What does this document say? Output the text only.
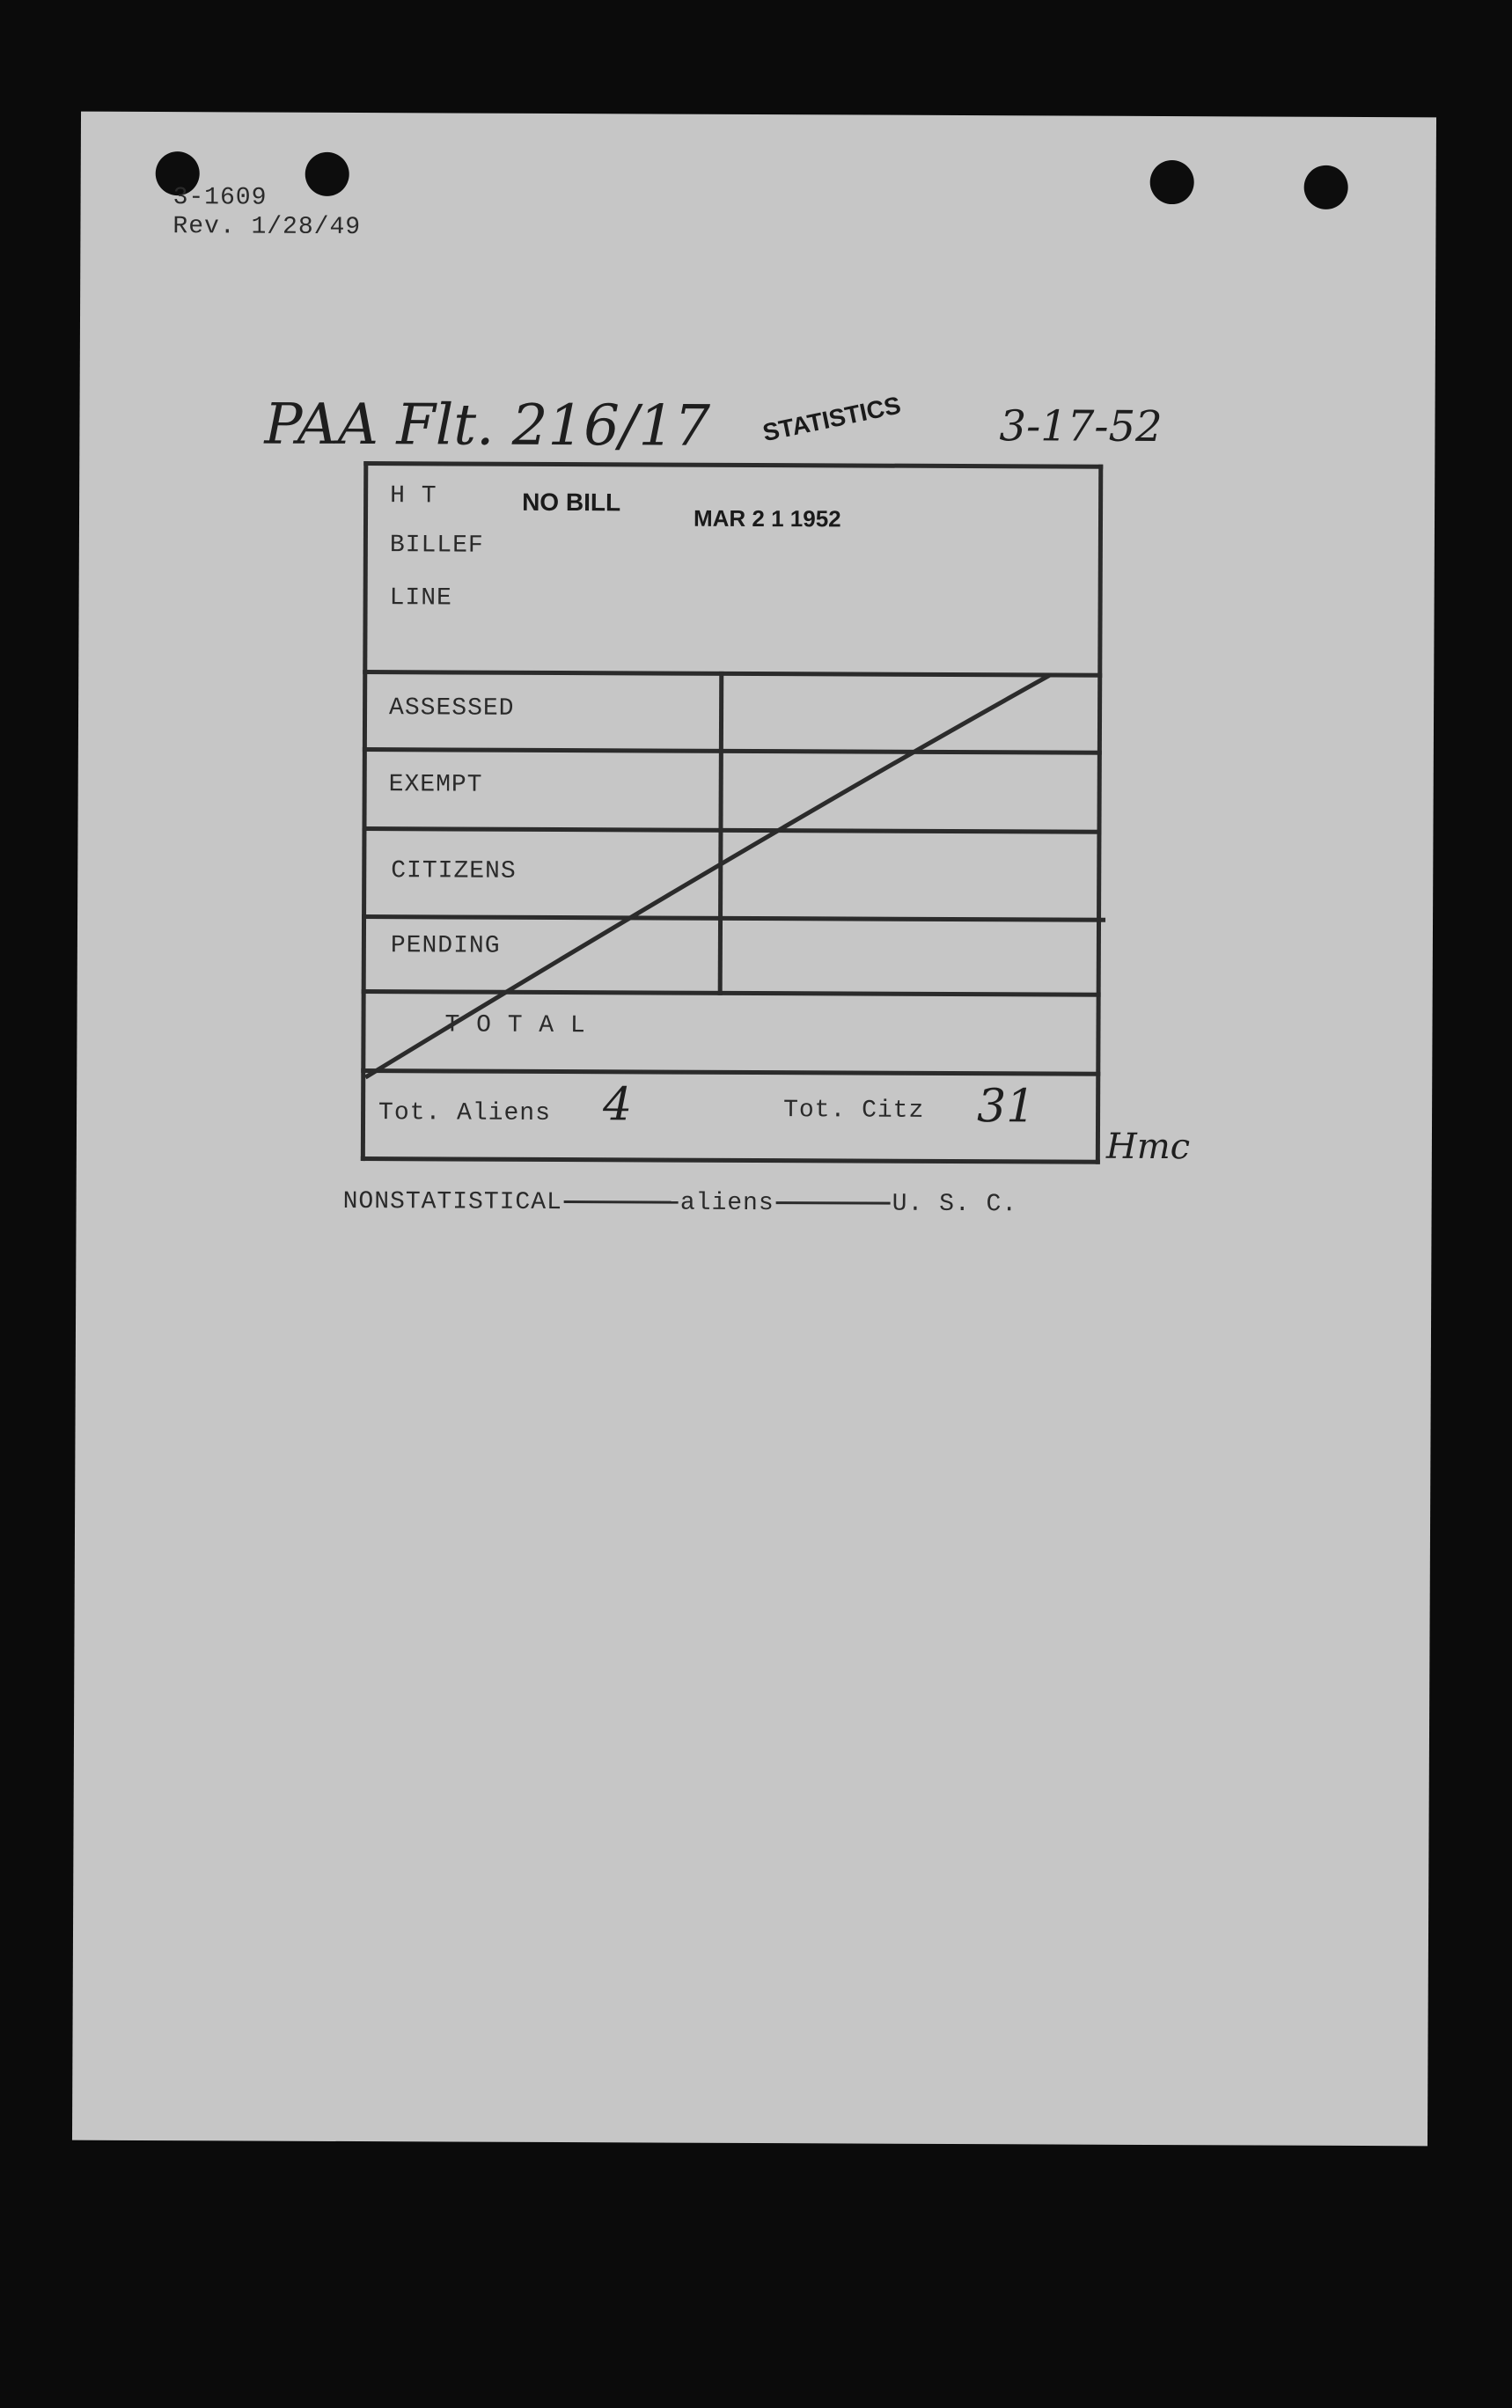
3-1609
Rev. 1/28/49
PAA Flt. 216/17 STATISTICS 3-17-52
H T
BILLEF
LINE
NO BILL
MAR 2 1 1952
ASSESSED
EXEMPT
CITIZENS
PENDING
T O T A L
Tot. Aliens 4	Tot. Citz 31
Hmc
NONSTATISTICAL	aliens	U. S. C.
